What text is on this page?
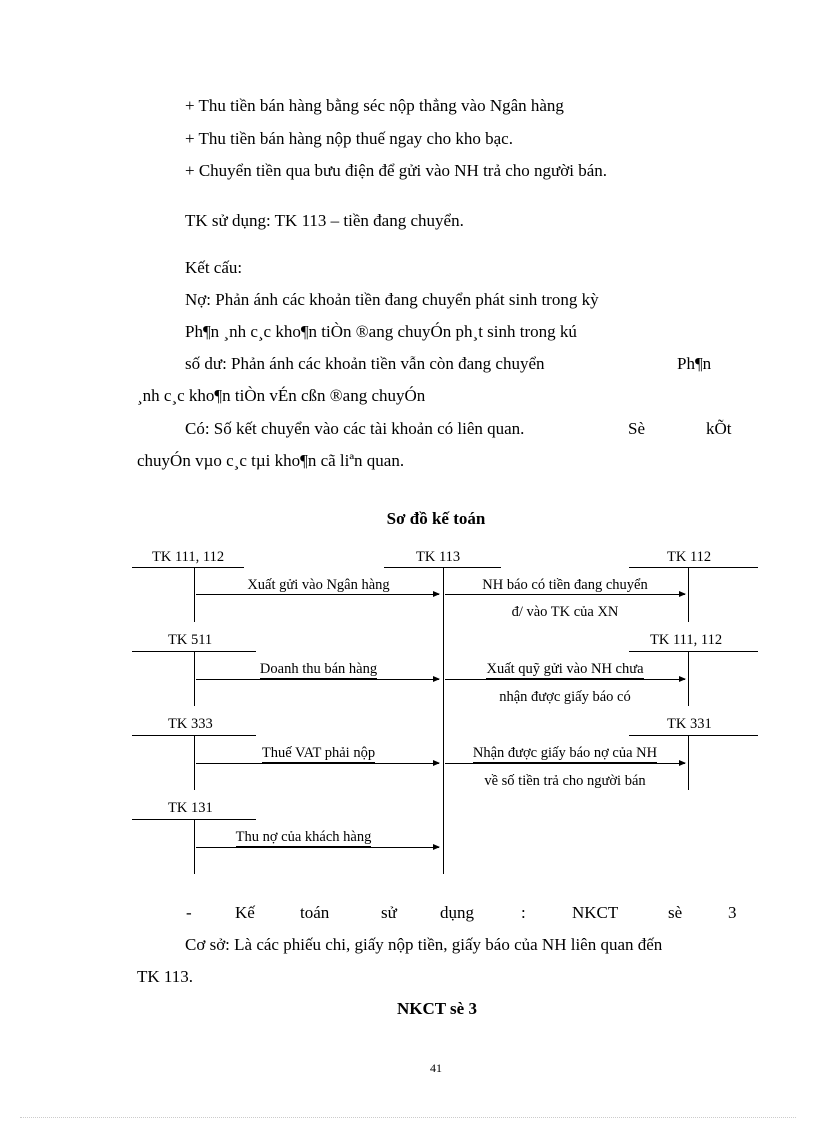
+ Thu tiền bán hàng bằng séc nộp thẳng vào Ngân hàng
+ Thu tiền bán hàng nộp thuế ngay cho kho bạc.
+ Chuyển tiền qua bưu điện để gửi vào NH trả cho người bán.
TK sử dụng: TK 113 – tiền đang chuyển.
Kết cấu:
Nợ: Phản ánh các khoản tiền đang chuyển phát sinh trong kỳ
Ph¶n ¸nh c¸c kho¶n tiÒn ®ang chuyÓn ph¸t sinh trong kú
số dư: Phản ánh các khoản tiền vẫn còn đang chuyển	Ph¶n
¸nh c¸c kho¶n tiÒn vÉn cßn ®ang chuyÓn
Có: Số kết chuyển vào các tài khoản có liên quan.	Sè	kÕt
chuyÓn vµo c¸c tµi kho¶n cã liªn quan.
Sơ đồ kế toán
TK 111, 112	TK 113	TK 112
TK 511	TK 111, 112
TK 333	TK 331
TK 131
Xuất gửi vào Ngân hàng	NH báo có tiền đang chuyển
đ/ vào TK của XN
Doanh thu bán hàng	Xuất quỹ gửi vào NH chưa
nhận được giấy báo có
Thuế VAT phải nộp	Nhận được giấy báo nợ của NH
về số tiền trả cho người bán
Thu nợ của khách hàng
-	Kế	toán	sử	dụng	:	NKCT	sè	3
Cơ sở: Là các phiếu chi, giấy nộp tiền, giấy báo của NH liên quan đến
TK 113.
NKCT sè 3
41
